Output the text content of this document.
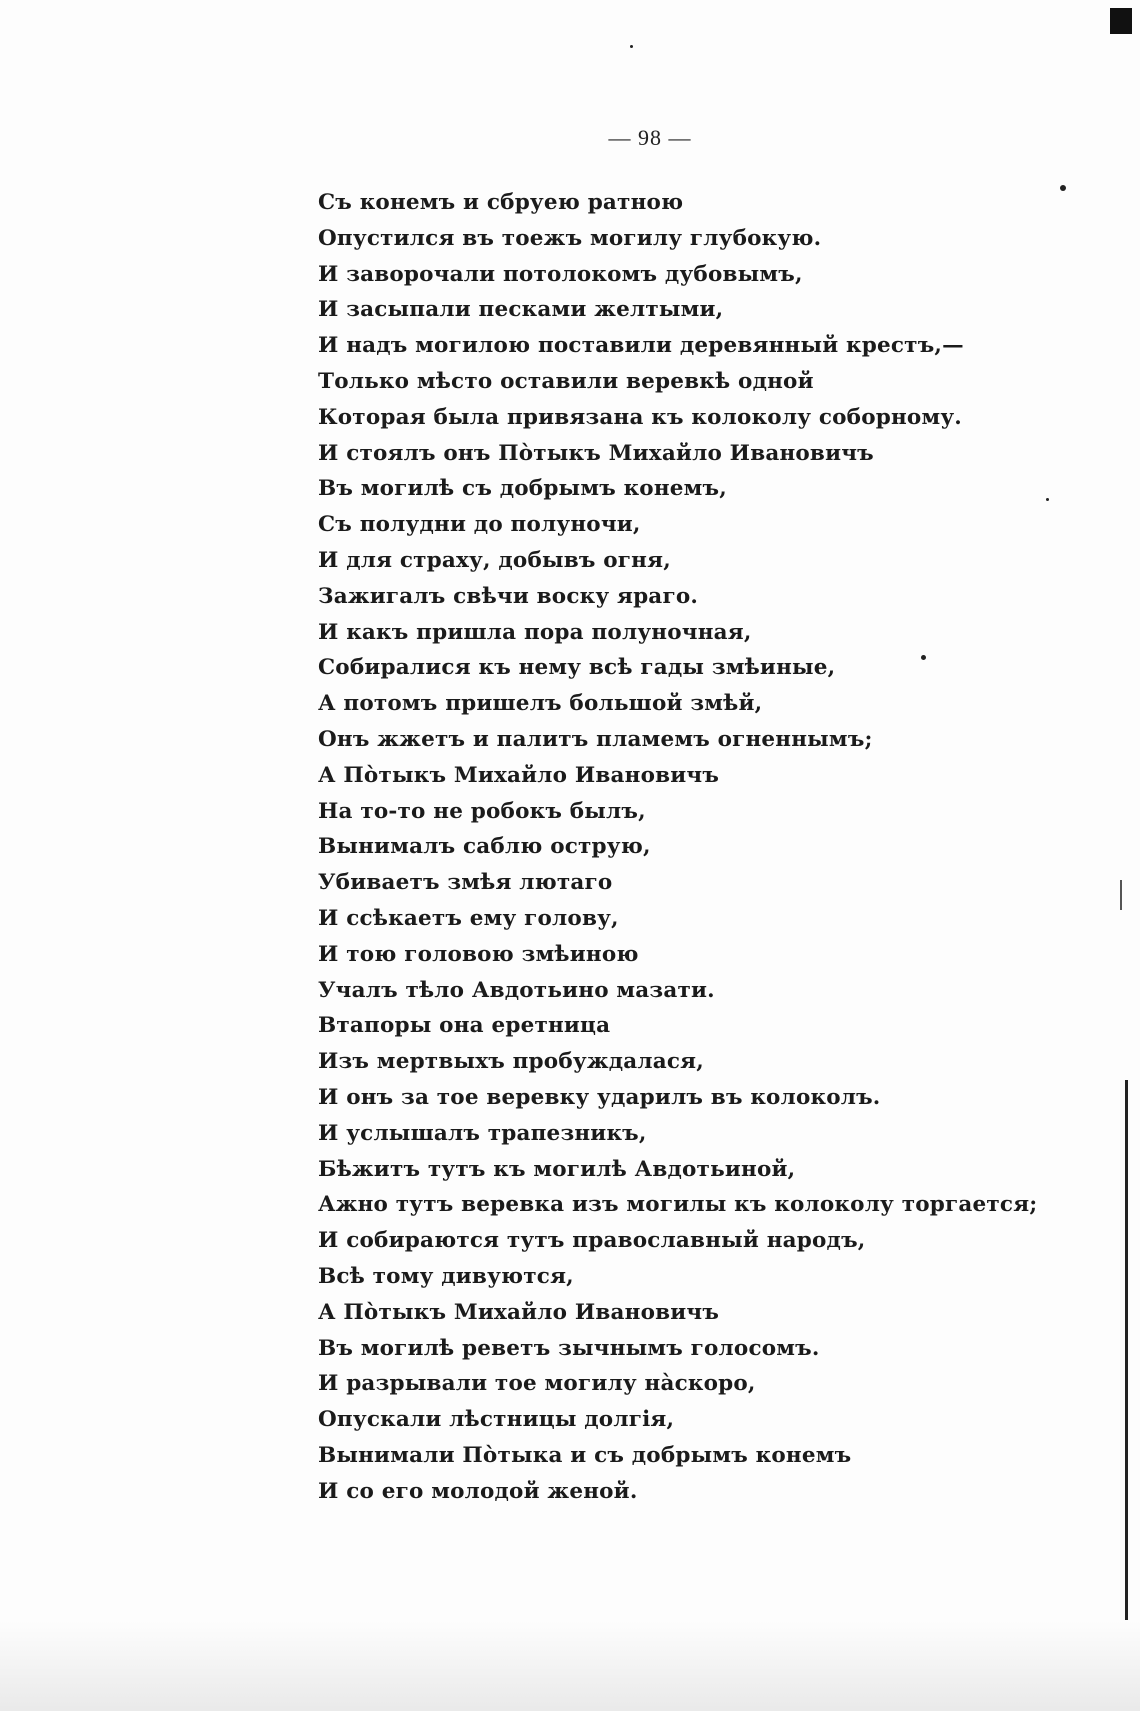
— 98 —
Съ конемъ и сбруею ратною
Опустился въ тоежъ могилу глубокую.
И заворочали потолокомъ дубовымъ,
И засыпали песками желтыми,
И надъ могилою поставили деревянный крестъ,—
Только мѣсто оставили веревкѣ одной
Которая была привязана къ колоколу соборному.
И стоялъ онъ Пòтыкъ Михайло Ивановичъ
Въ могилѣ съ добрымъ конемъ,
Съ полудни до полуночи,
И для страху, добывъ огня,
Зажигалъ свѣчи воску яраго.
И какъ пришла пора полуночная,
Собиралися къ нему всѣ гады змѣиные,
А потомъ пришелъ большой змѣй,
Онъ жжетъ и палитъ пламемъ огненнымъ;
А Пòтыкъ Михайло Ивановичъ
На то-то не робокъ былъ,
Вынималъ саблю острую,
Убиваетъ змѣя лютаго
И ссѣкаетъ ему голову,
И тою головою змѣиною
Учалъ тѣло Авдотьино мазати.
Втапоры она еретница
Изъ мертвыхъ пробуждалася,
И онъ за тое веревку ударилъ въ колоколъ.
И услышалъ трапезникъ,
Бѣжитъ тутъ къ могилѣ Авдотьиной,
Ажно тутъ веревка изъ могилы къ колоколу торгается;
И собираются тутъ православный народъ,
Всѣ тому дивуются,
А Пòтыкъ Михайло Ивановичъ
Въ могилѣ реветъ зычнымъ голосомъ.
И разрывали тое могилу нàскоро,
Опускали лѣстницы долгія,
Вынимали Пòтыка и съ добрымъ конемъ
И со его молодой женой.
